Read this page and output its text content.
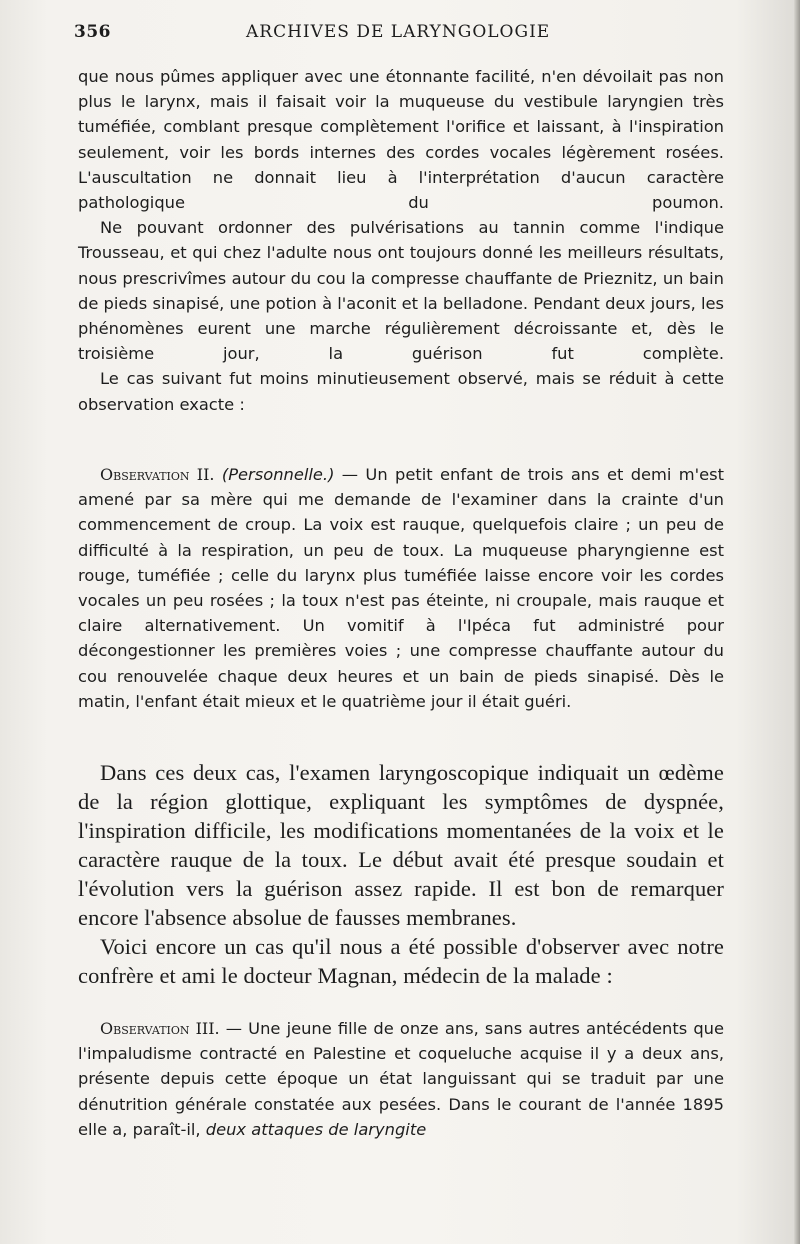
356	ARCHIVES DE LARYNGOLOGIE

que nous pûmes appliquer avec une étonnante facilité, n'en dévoilait pas non plus le larynx, mais il faisait voir la muqueuse du vestibule laryngien très tuméfiée, comblant presque complètement l'orifice et laissant, à l'inspiration seulement, voir les bords internes des cordes vocales légèrement rosées. L'auscultation ne donnait lieu à l'interprétation d'aucun caractère pathologique du poumon.

Ne pouvant ordonner des pulvérisations au tannin comme l'indique Trousseau, et qui chez l'adulte nous ont toujours donné les meilleurs résultats, nous prescrivîmes autour du cou la compresse chauffante de Prieznitz, un bain de pieds sinapisé, une potion à l'aconit et la belladone. Pendant deux jours, les phénomènes eurent une marche régulièrement décroissante et, dès le troisième jour, la guérison fut complète.

Le cas suivant fut moins minutieusement observé, mais se réduit à cette observation exacte :

Observation II. (Personnelle.) — Un petit enfant de trois ans et demi m'est amené par sa mère qui me demande de l'examiner dans la crainte d'un commencement de croup. La voix est rauque, quelquefois claire ; un peu de difficulté à la respiration, un peu de toux. La muqueuse pharyngienne est rouge, tuméfiée ; celle du larynx plus tuméfiée laisse encore voir les cordes vocales un peu rosées ; la toux n'est pas éteinte, ni croupale, mais rauque et claire alternativement. Un vomitif à l'Ipéca fut administré pour décongestionner les premières voies ; une compresse chauffante autour du cou renouvelée chaque deux heures et un bain de pieds sinapisé. Dès le matin, l'enfant était mieux et le quatrième jour il était guéri.

Dans ces deux cas, l'examen laryngoscopique indiquait un œdème de la région glottique, expliquant les symptômes de dyspnée, l'inspiration difficile, les modifications momentanées de la voix et le caractère rauque de la toux. Le début avait été presque soudain et l'évolution vers la guérison assez rapide. Il est bon de remarquer encore l'absence absolue de fausses membranes.

Voici encore un cas qu'il nous a été possible d'observer avec notre confrère et ami le docteur Magnan, médecin de la malade :

Observation III. — Une jeune fille de onze ans, sans autres antécédents que l'impaludisme contracté en Palestine et coqueluche acquise il y a deux ans, présente depuis cette époque un état languissant qui se traduit par une dénutrition générale constatée aux pesées. Dans le courant de l'année 1895 elle a, paraît-il, deux attaques de laryngite
